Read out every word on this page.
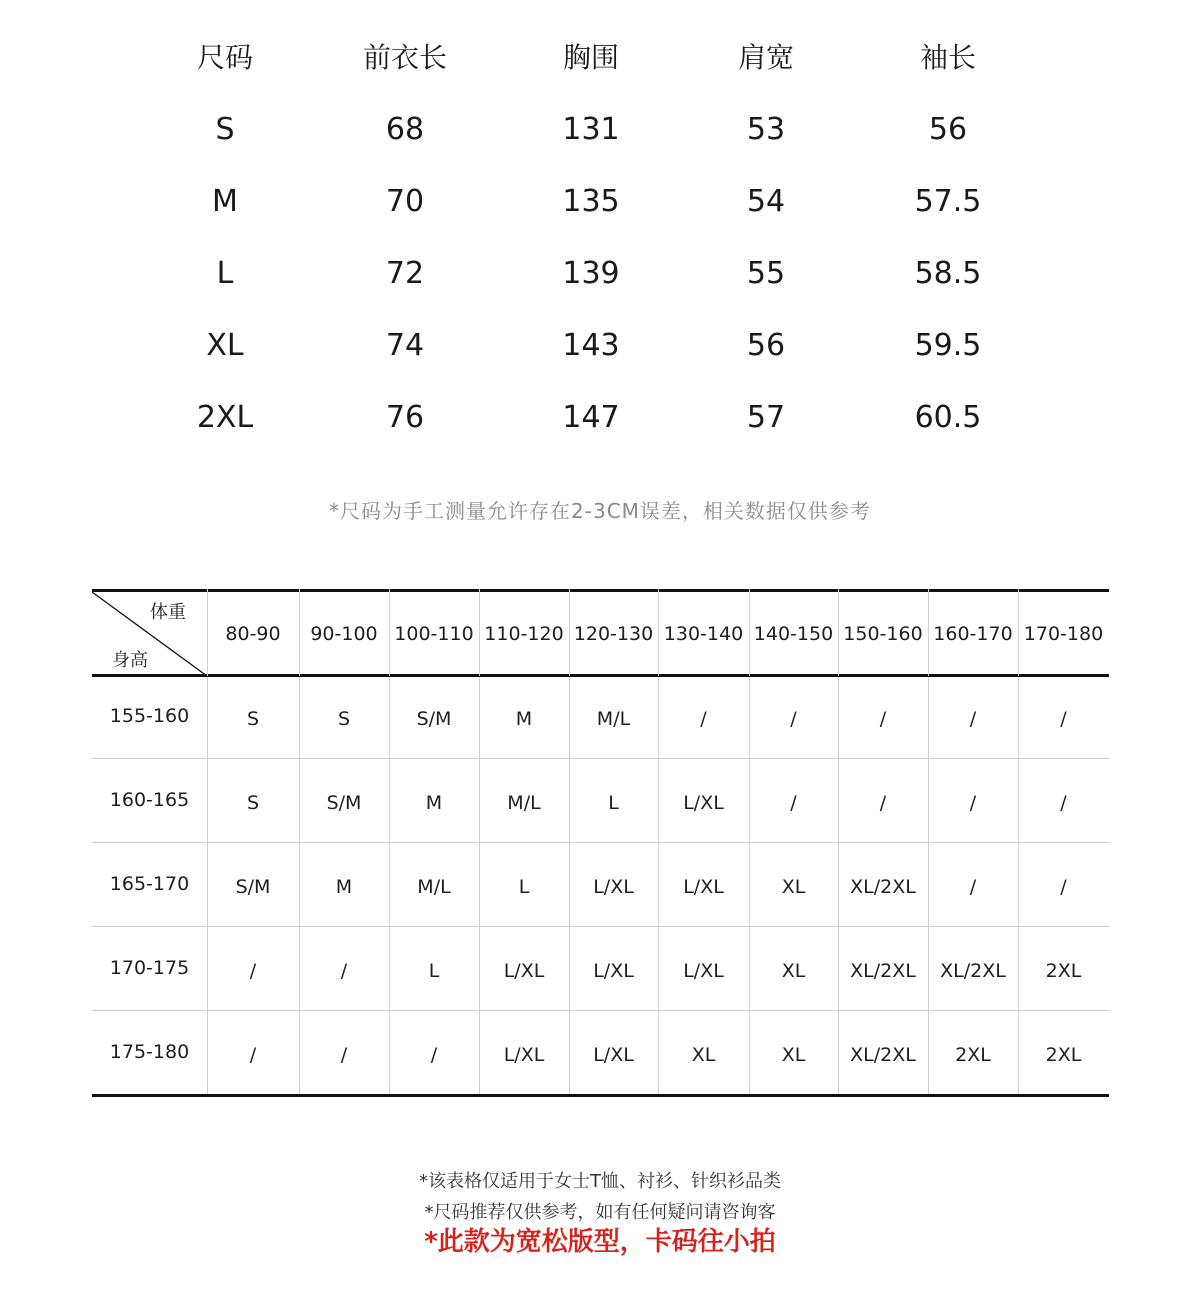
尺码	前衣长	胸围	肩宽	袖长
S	68	131	53	56
M	70	135	54	57.5
L	72	139	55	58.5
XL	74	143	56	59.5
2XL	76	147	57	60.5
*尺码为手工测量允许存在2-3CM误差，相关数据仅供参考
体重
身高
80-90	90-100 100-110 110-120 120-130 130-140 140-150 150-160 160-170 170-180
155-160	S	S	S/M	M	M/L	/	/	/	/	/
160-165	S	S/M	M	M/L	L	L/XL	/	/	/	/
165-170	S/M	M	M/L	L	L/XL	L/XL	XL	XL/2XL	/	/
170-175	/	/	L	L/XL	L/XL	L/XL	XL	XL/2XL	XL/2XL	2XL
175-180	/	/	/	L/XL	L/XL	XL	XL	XL/2XL	2XL	2XL
*该表格仅适用于女士T恤、衬衫、针织衫品类
*尺码推荐仅供参考，如有任何疑问请咨询客
*此款为宽松版型，卡码往小拍
